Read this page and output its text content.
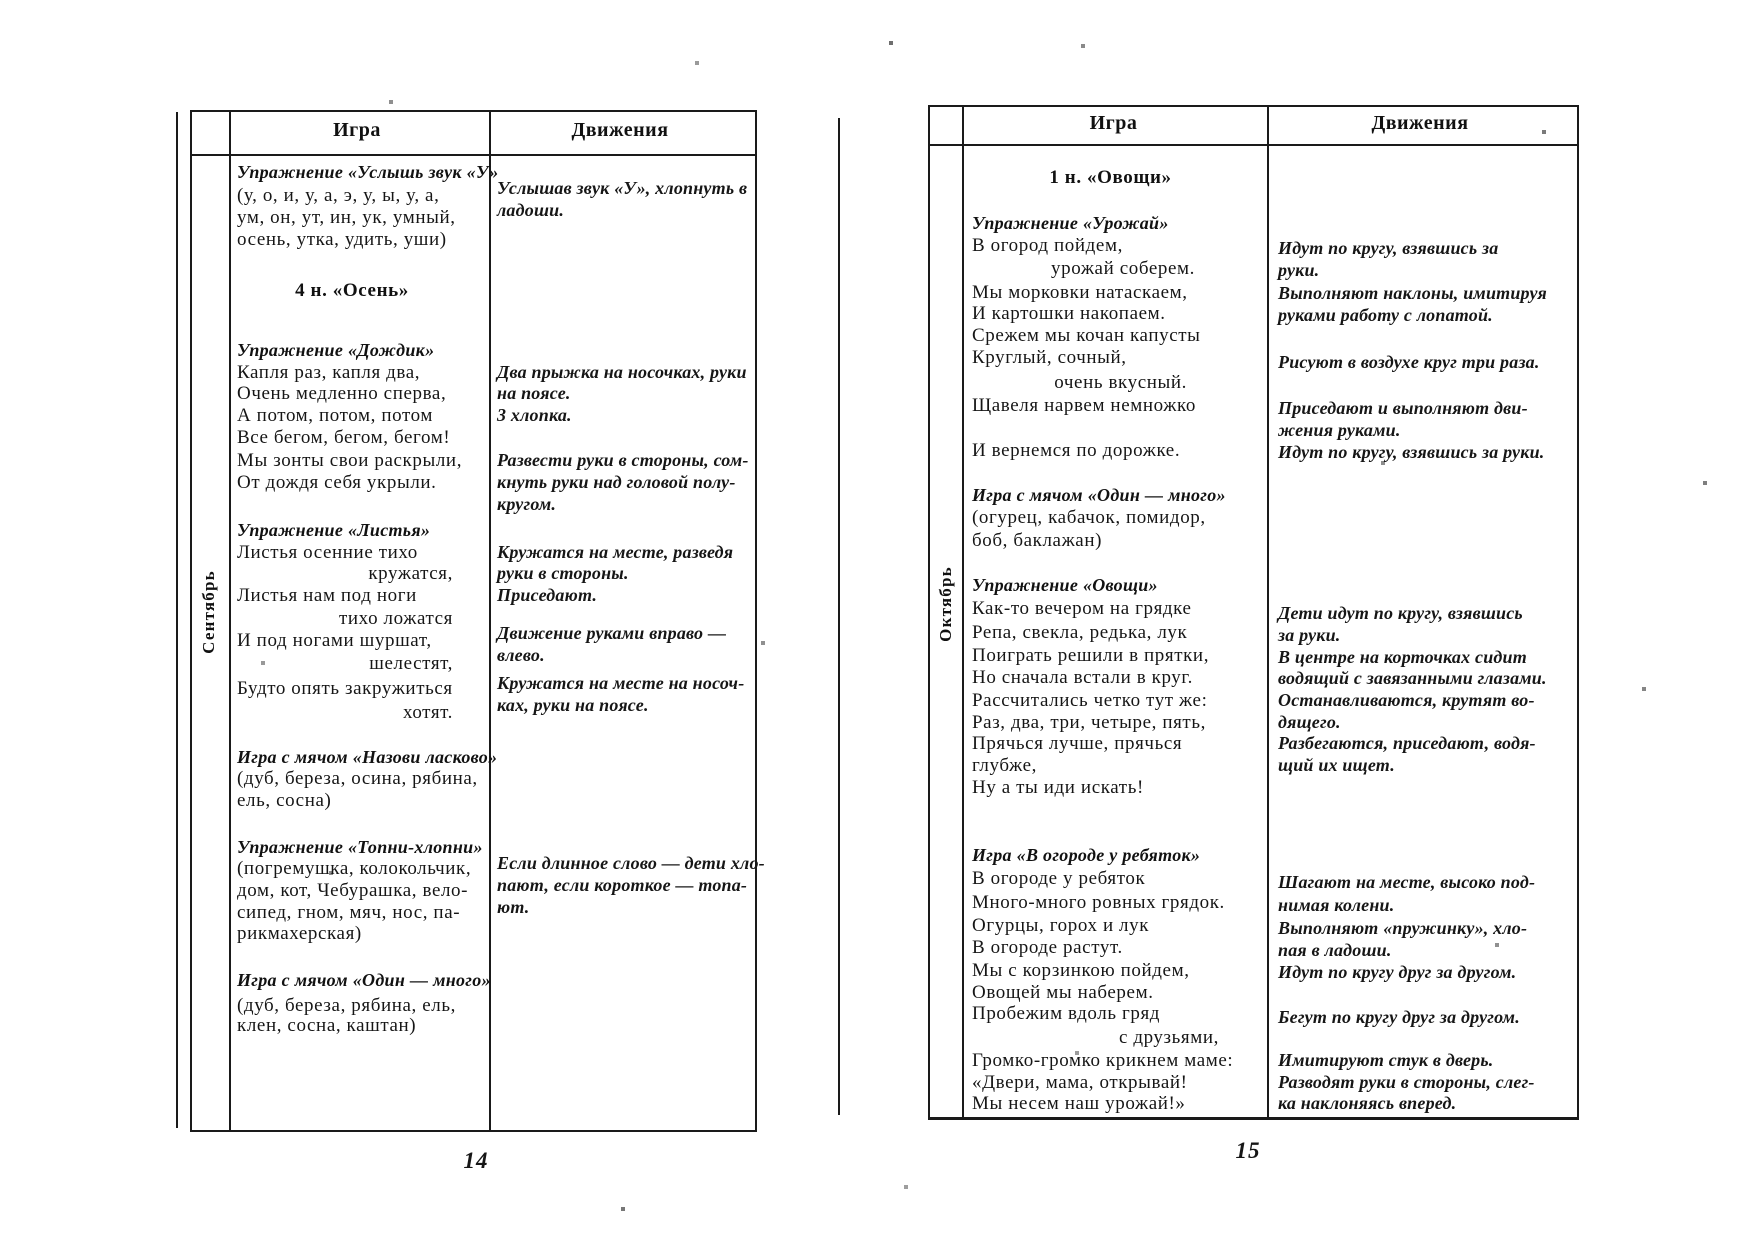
Сентябрь
Игра	Движения
Упражнение «Услышь звук «У»
(у, о, и, у, а, э, у, ы, у, а,
ум, он, ут, ин, ук, умный,
осень, утка, удить, уши)
4 н. «Осень»
Упражнение «Дождик»
Капля раз, капля два,
Очень медленно сперва,
А потом, потом, потом
Все бегом, бегом, бегом!
Мы зонты свои раскрыли,
От дождя себя укрыли.
Упражнение «Листья»
Листья осенние тихо
кружатся,
Листья нам под ноги
тихо ложатся
И под ногами шуршат,
шелестят,
Будто опять закружиться
хотят.
Игра с мячом «Назови ласково»
(дуб, береза, осина, рябина,
ель, сосна)
Упражнение «Топни-хлопни»
(погремушка, колокольчик,
дом, кот, Чебурашка, вело-
сипед, гном, мяч, нос, па-
рикмахерская)
Игра с мячом «Один — много»
(дуб, береза, рябина, ель,
клен, сосна, каштан)
Услышав звук «У», хлопнуть в
ладоши.
Два прыжка на носочках, руки
на поясе.
3 хлопка.
Развести руки в стороны, сом-
кнуть руки над головой полу-
кругом.
Кружатся на месте, разведя
руки в стороны.
Приседают.
Движение руками вправо —
влево.
Кружатся на месте на носоч-
ках, руки на поясе.
Если длинное слово — дети хло-
пают, если короткое — топа-
ют.
14
Октябрь
Игра	Движения
1 н. «Овощи»
Упражнение «Урожай»
В огород пойдем,
урожай соберем.
Мы морковки натаскаем,
И картошки накопаем.
Срежем мы кочан капусты
Круглый, сочный,
очень вкусный.
Щавеля нарвем немножко
И вернемся по дорожке.
Игра с мячом «Один — много»
(огурец, кабачок, помидор,
боб, баклажан)
Упражнение «Овощи»
Как-то вечером на грядке
Репа, свекла, редька, лук
Поиграть решили в прятки,
Но сначала встали в круг.
Рассчитались четко тут же:
Раз, два, три, четыре, пять,
Прячься лучше, прячься
глубже,
Ну а ты иди искать!
Игра «В огороде у ребяток»
В огороде у ребяток
Много-много ровных грядок.
Огурцы, горох и лук
В огороде растут.
Мы с корзинкою пойдем,
Овощей мы наберем.
Пробежим вдоль гряд
с друзьями,
Громко-громко крикнем маме:
«Двери, мама, открывай!
Мы несем наш урожай!»
Идут по кругу, взявшись за
руки.
Выполняют наклоны, имитируя
руками работу с лопатой.
Рисуют в воздухе круг три раза.
Приседают и выполняют дви-
жения руками.
Идут по кругу, взявшись за руки.
Дети идут по кругу, взявшись
за руки.
В центре на корточках сидит
водящий с завязанными глазами.
Останавливаются, крутят во-
дящего.
Разбегаются, приседают, водя-
щий их ищет.
Шагают на месте, высоко под-
нимая колени.
Выполняют «пружинку», хло-
пая в ладоши.
Идут по кругу друг за другом.
Бегут по кругу друг за другом.
Имитируют стук в дверь.
Разводят руки в стороны, слег-
ка наклоняясь вперед.
15
